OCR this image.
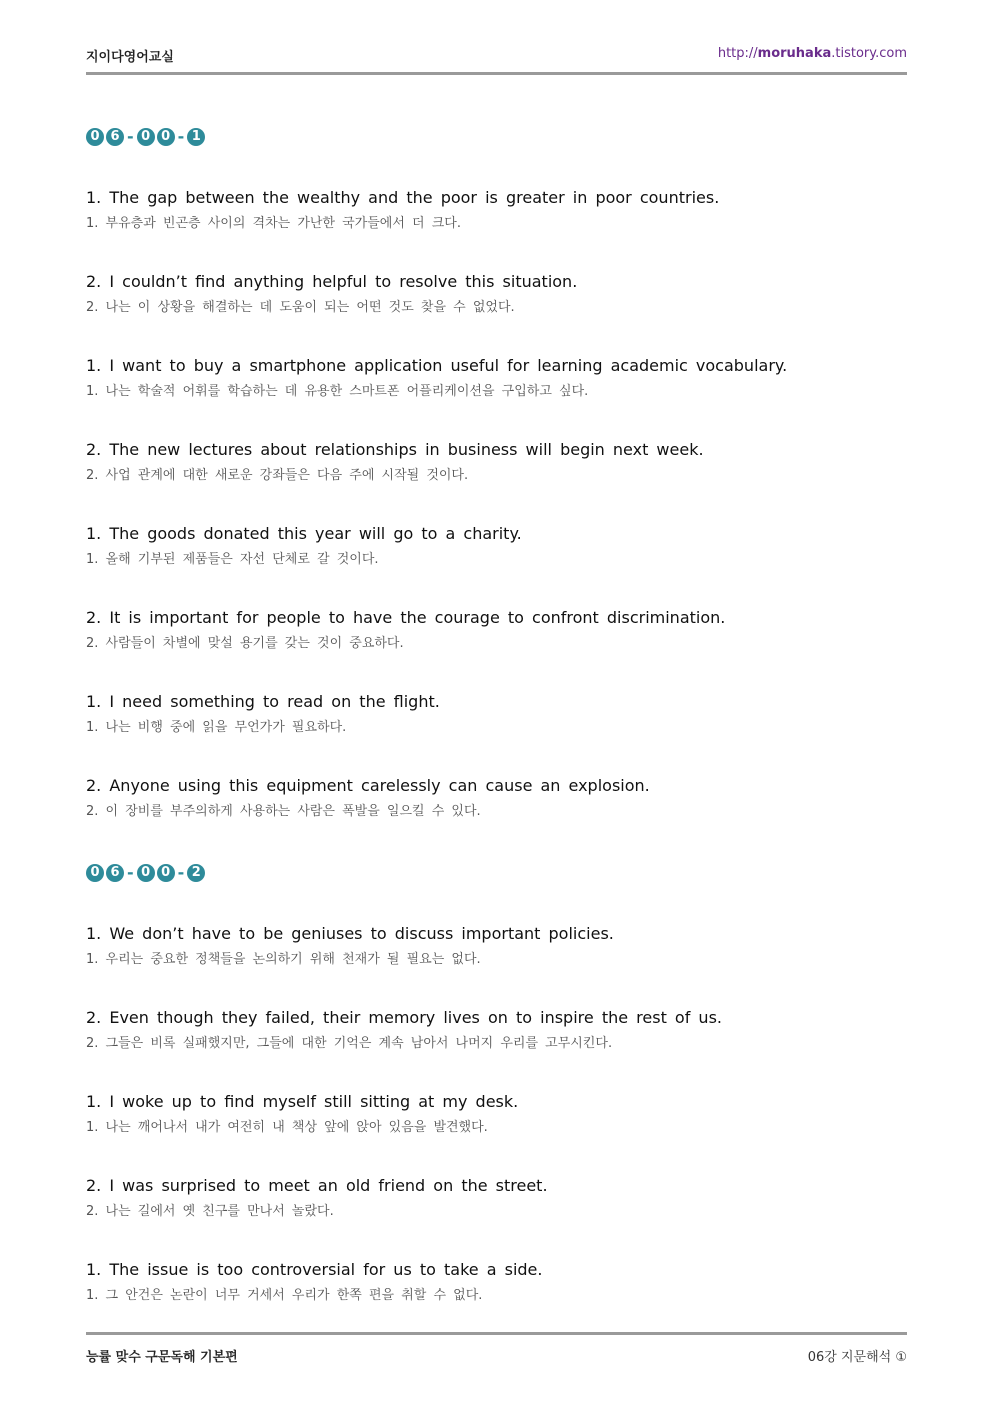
지이다영어교실	http://moruhaka.tistory.com
0 6 - 0 0 - 1
1. The gap between the wealthy and the poor is greater in poor countries.
1. 부유층과 빈곤층 사이의 격차는 가난한 국가들에서 더 크다.
2. I couldn’t find anything helpful to resolve this situation.
2. 나는 이 상황을 해결하는 데 도움이 되는 어떤 것도 찾을 수 없었다.
1. I want to buy a smartphone application useful for learning academic vocabulary.
1. 나는 학술적 어휘를 학습하는 데 유용한 스마트폰 어플리케이션을 구입하고 싶다.
2. The new lectures about relationships in business will begin next week.
2. 사업 관계에 대한 새로운 강좌들은 다음 주에 시작될 것이다.
1. The goods donated this year will go to a charity.
1. 올해 기부된 제품들은 자선 단체로 갈 것이다.
2. It is important for people to have the courage to confront discrimination.
2. 사람들이 차별에 맞설 용기를 갖는 것이 중요하다.
1. I need something to read on the flight.
1. 나는 비행 중에 읽을 무언가가 필요하다.
2. Anyone using this equipment carelessly can cause an explosion.
2. 이 장비를 부주의하게 사용하는 사람은 폭발을 일으킬 수 있다.
0 6 - 0 0 - 2
1. We don’t have to be geniuses to discuss important policies.
1. 우리는 중요한 정책들을 논의하기 위해 천재가 될 필요는 없다.
2. Even though they failed, their memory lives on to inspire the rest of us.
2. 그들은 비록 실패했지만, 그들에 대한 기억은 계속 남아서 나머지 우리를 고무시킨다.
1. I woke up to find myself still sitting at my desk.
1. 나는 깨어나서 내가 여전히 내 책상 앞에 앉아 있음을 발견했다.
2. I was surprised to meet an old friend on the street.
2. 나는 길에서 옛 친구를 만나서 놀랐다.
1. The issue is too controversial for us to take a side.
1. 그 안건은 논란이 너무 거세서 우리가 한쪽 편을 취할 수 없다.
능률 맞수 구문독해 기본편	06강 지문해석 ①
